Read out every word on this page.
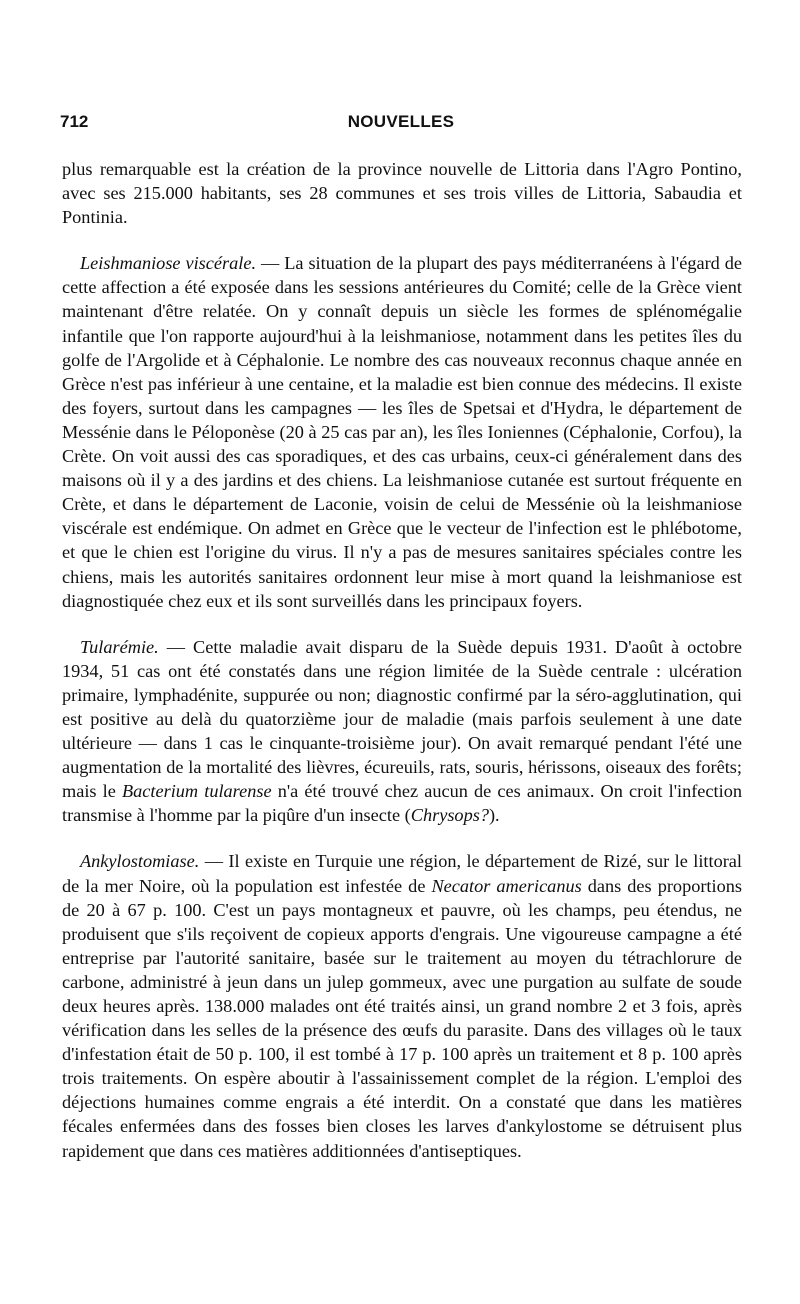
712	NOUVELLES

plus remarquable est la création de la province nouvelle de Littoria dans l'Agro Pontino, avec ses 215.000 habitants, ses 28 communes et ses trois villes de Littoria, Sabaudia et Pontinia.

Leishmaniose viscérale. — La situation de la plupart des pays méditerranéens à l'égard de cette affection a été exposée dans les sessions antérieures du Comité; celle de la Grèce vient maintenant d'être relatée. On y connaît depuis un siècle les formes de splénomégalie infantile que l'on rapporte aujourd'hui à la leishmaniose, notamment dans les petites îles du golfe de l'Argolide et à Céphalonie. Le nombre des cas nouveaux reconnus chaque année en Grèce n'est pas inférieur à une centaine, et la maladie est bien connue des médecins. Il existe des foyers, surtout dans les campagnes — les îles de Spetsai et d'Hydra, le département de Messénie dans le Péloponèse (20 à 25 cas par an), les îles Ioniennes (Céphalonie, Corfou), la Crète. On voit aussi des cas sporadiques, et des cas urbains, ceux-ci généralement dans des maisons où il y a des jardins et des chiens. La leishmaniose cutanée est surtout fréquente en Crète, et dans le département de Laconie, voisin de celui de Messénie où la leishmaniose viscérale est endémique. On admet en Grèce que le vecteur de l'infection est le phlébotome, et que le chien est l'origine du virus. Il n'y a pas de mesures sanitaires spéciales contre les chiens, mais les autorités sanitaires ordonnent leur mise à mort quand la leishmaniose est diagnostiquée chez eux et ils sont surveillés dans les principaux foyers.

Tularémie. — Cette maladie avait disparu de la Suède depuis 1931. D'août à octobre 1934, 51 cas ont été constatés dans une région limitée de la Suède centrale : ulcération primaire, lymphadénite, suppurée ou non; diagnostic confirmé par la séro-agglutination, qui est positive au delà du quatorzième jour de maladie (mais parfois seulement à une date ultérieure — dans 1 cas le cinquante-troisième jour). On avait remarqué pendant l'été une augmentation de la mortalité des lièvres, écureuils, rats, souris, hérissons, oiseaux des forêts; mais le Bacterium tularense n'a été trouvé chez aucun de ces animaux. On croit l'infection transmise à l'homme par la piqûre d'un insecte (Chrysops?).

Ankylostomiase. — Il existe en Turquie une région, le département de Rizé, sur le littoral de la mer Noire, où la population est infestée de Necator americanus dans des proportions de 20 à 67 p. 100. C'est un pays montagneux et pauvre, où les champs, peu étendus, ne produisent que s'ils reçoivent de copieux apports d'engrais. Une vigoureuse campagne a été entreprise par l'autorité sanitaire, basée sur le traitement au moyen du tétrachlorure de carbone, administré à jeun dans un julep gommeux, avec une purgation au sulfate de soude deux heures après. 138.000 malades ont été traités ainsi, un grand nombre 2 et 3 fois, après vérification dans les selles de la présence des œufs du parasite. Dans des villages où le taux d'infestation était de 50 p. 100, il est tombé à 17 p. 100 après un traitement et 8 p. 100 après trois traitements. On espère aboutir à l'assainissement complet de la région. L'emploi des déjections humaines comme engrais a été interdit. On a constaté que dans les matières fécales enfermées dans des fosses bien closes les larves d'ankylostome se détruisent plus rapidement que dans ces matières additionnées d'antiseptiques.
